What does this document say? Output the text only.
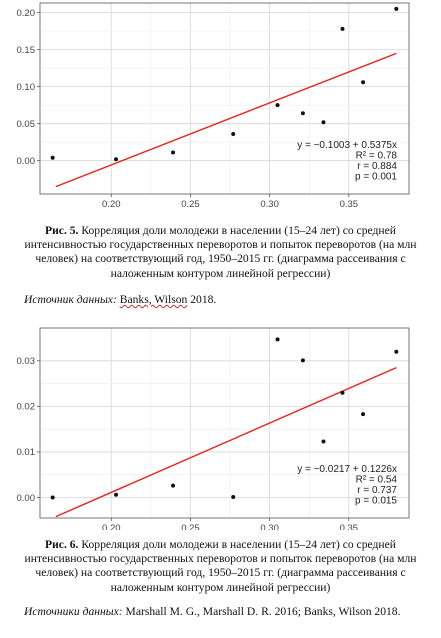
0.00
0.05
0.10
0.15
0.20
0.20	0.25	0.30	0.35
y = −0.1003 + 0.5375x
R² = 0.78
r = 0.884
p = 0.001
Рис. 5. Корреляция доли молодежи в населении (15–24 лет) со средней интенсивностью государственных переворотов и попыток переворотов (на млн человек) на соответствующий год, 1950–2015 гг. (диаграмма рассеивания с наложенным контуром линейной регрессии)
Источник данных: Banks, Wilson 2018.
0.00
0.01
0.02
0.03
0.20	0.25	0.30	0.35
y = −0.0217 + 0.1226x
R² = 0.54
r = 0.737
p = 0.015
Рис. 6. Корреляция доли молодежи в населении (15–24 лет) со средней интенсивностью государственных переворотов и попыток переворотов (на млн человек) на соответствующий год, 1950–2015 гг. (диаграмма рассеивания с наложенным контуром линейной регрессии)
Источники данных: Marshall M. G., Marshall D. R. 2016; Banks, Wilson 2018.
